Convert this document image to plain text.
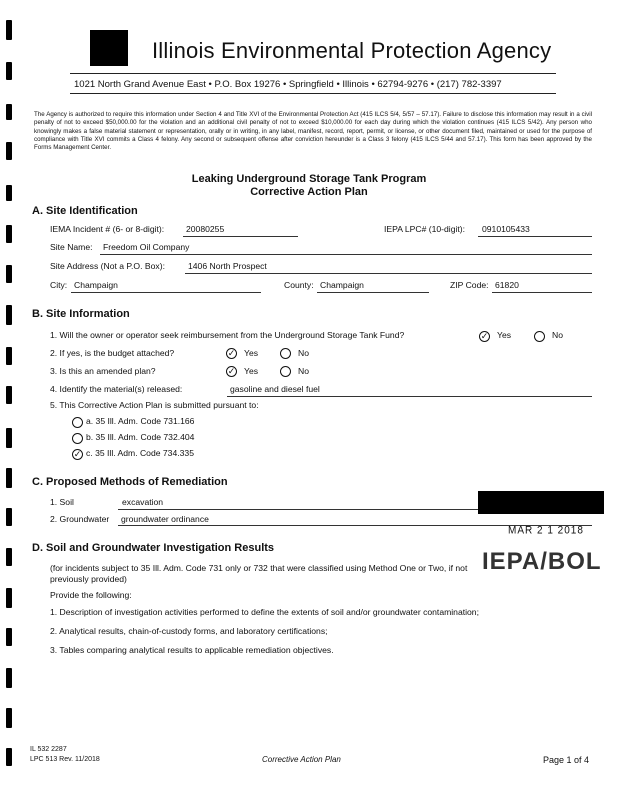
Illinois Environmental Protection Agency
1021 North Grand Avenue East • P.O. Box 19276 • Springfield • Illinois • 62794-9276 • (217) 782-3397
The Agency is authorized to require this information under Section 4 and Title XVI of the Environmental Protection Act (415 ILCS 5/4, 5/57 – 57.17). Failure to disclose this information may result in a civil penalty of not to exceed $50,000.00 for the violation and an additional civil penalty of not to exceed $10,000.00 for each day during which the violation continues (415 ILCS 5/42). Any person who knowingly makes a false material statement or representation, orally or in writing, in any label, manifest, record, report, permit, or license, or other document filed, maintained or used for the purpose of compliance with Title XVI commits a Class 4 felony. Any second or subsequent offense after conviction hereunder is a Class 3 felony (415 ILCS 5/44 and 57.17). This form has been approved by the Forms Management Center.
Leaking Underground Storage Tank Program
Corrective Action Plan
A. Site Identification
IEMA Incident # (6- or 8-digit):	20080255	IEPA LPC# (10-digit): 0910105433
Site Name: Freedom Oil Company
Site Address (Not a P.O. Box):	1406 North Prospect
City: Champaign	County: Champaign	ZIP Code: 61820
B. Site Information
1. Will the owner or operator seek reimbursement from the Underground Storage Tank Fund?	✓ Yes	No
2. If yes, is the budget attached?	✓ Yes	No
3. Is this an amended plan?	✓ Yes	No
4. Identify the material(s) released:	gasoline and diesel fuel
5. This Corrective Action Plan is submitted pursuant to:
a. 35 Ill. Adm. Code 731.166
b. 35 Ill. Adm. Code 732.404
✓ c. 35 Ill. Adm. Code 734.335
C. Proposed Methods of Remediation
1. Soil	excavation
2. Groundwater groundwater ordinance
MAR 2 1 2018
IEPA/BOL
D. Soil and Groundwater Investigation Results
(for incidents subject to 35 Ill. Adm. Code 731 only or 732 that were classified using Method One or Two, if not previously provided)
Provide the following:
1. Description of investigation activities performed to define the extents of soil and/or groundwater contamination;
2. Analytical results, chain-of-custody forms, and laboratory certifications;
3. Tables comparing analytical results to applicable remediation objectives.
IL 532 2287
LPC 513 Rev. 11/2018	Corrective Action Plan	Page 1 of 4
